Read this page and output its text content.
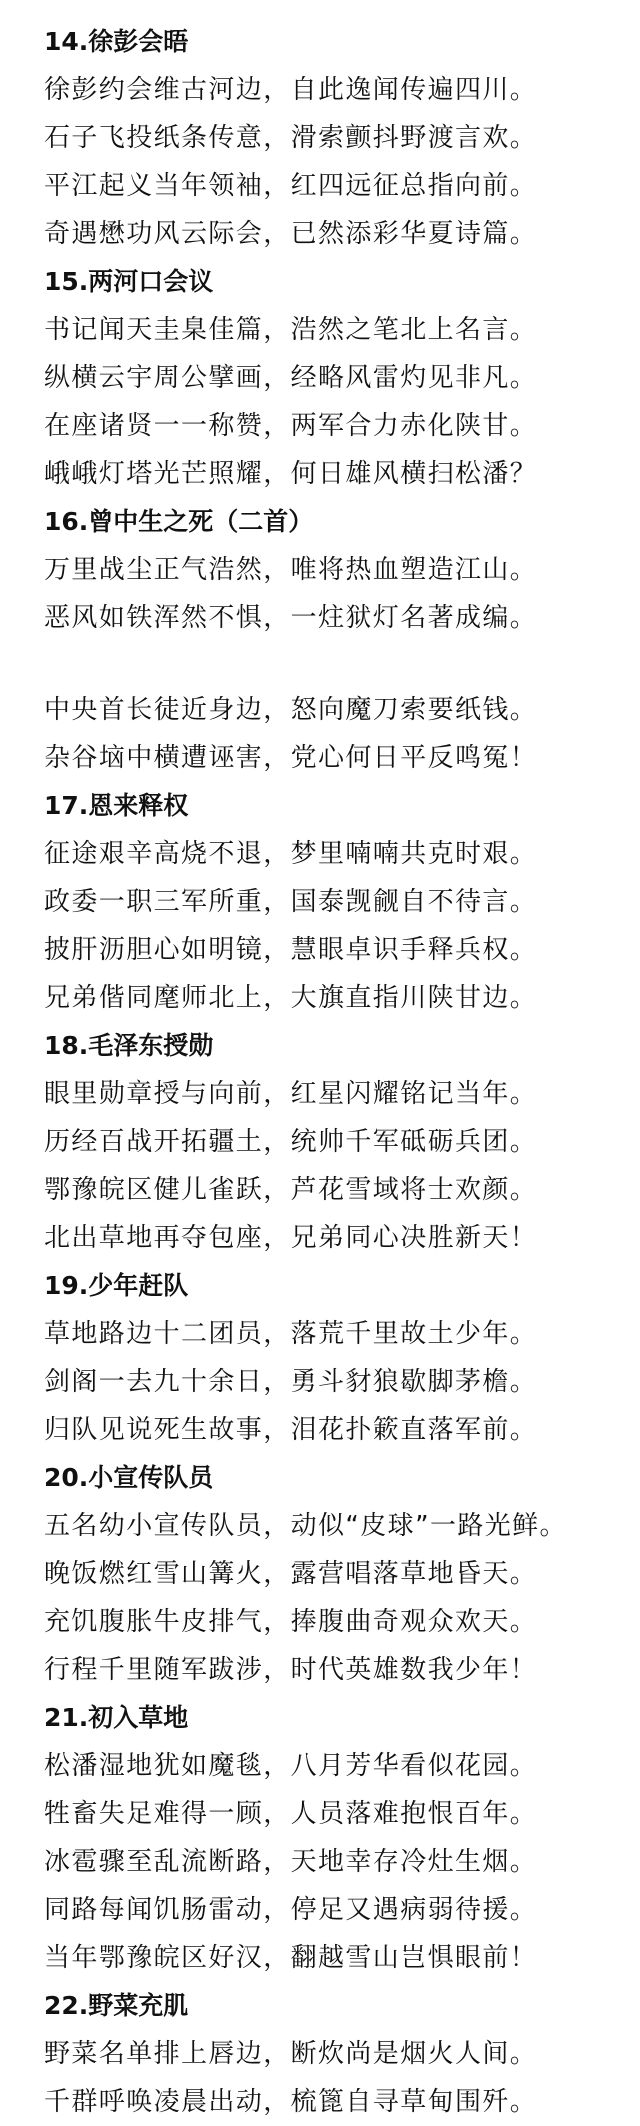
14.徐彭会晤
徐彭约会维古河边，自此逸闻传遍四川。
石子飞投纸条传意，滑索颤抖野渡言欢。
平江起义当年领袖，红四远征总指向前。
奇遇懋功风云际会，已然添彩华夏诗篇。
15.两河口会议
书记闻天圭臬佳篇，浩然之笔北上名言。
纵横云宇周公擘画，经略风雷灼见非凡。
在座诸贤一一称赞，两军合力赤化陕甘。
峨峨灯塔光芒照耀，何日雄风横扫松潘？
16.曾中生之死（二首）
万里战尘正气浩然，唯将热血塑造江山。
恶风如铁浑然不惧，一炷狱灯名著成编。
中央首长徒近身边，怒向魔刀索要纸钱。
杂谷垴中横遭诬害，党心何日平反鸣冤！
17.恩来释权
征途艰辛高烧不退，梦里喃喃共克时艰。
政委一职三军所重，国泰觊觎自不待言。
披肝沥胆心如明镜，慧眼卓识手释兵权。
兄弟偕同麾师北上，大旗直指川陕甘边。
18.毛泽东授勋
眼里勋章授与向前，红星闪耀铭记当年。
历经百战开拓疆土，统帅千军砥砺兵团。
鄂豫皖区健儿雀跃，芦花雪域将士欢颜。
北出草地再夺包座，兄弟同心决胜新天！
19.少年赶队
草地路边十二团员，落荒千里故土少年。
剑阁一去九十余日，勇斗豺狼歇脚茅檐。
归队见说死生故事，泪花扑簌直落军前。
20.小宣传队员
五名幼小宣传队员，动似“皮球”一路光鲜。
晚饭燃红雪山篝火，露营唱落草地昏天。
充饥腹胀牛皮排气，捧腹曲奇观众欢天。
行程千里随军跋涉，时代英雄数我少年！
21.初入草地
松潘湿地犹如魔毯，八月芳华看似花园。
牲畜失足难得一顾，人员落难抱恨百年。
冰雹骤至乱流断路，天地幸存冷灶生烟。
同路每闻饥肠雷动，停足又遇病弱待援。
当年鄂豫皖区好汉，翻越雪山岂惧眼前！
22.野菜充肌
野菜名单排上唇边，断炊尚是烟火人间。
千群呼唤凌晨出动，梳篦自寻草甸围歼。
